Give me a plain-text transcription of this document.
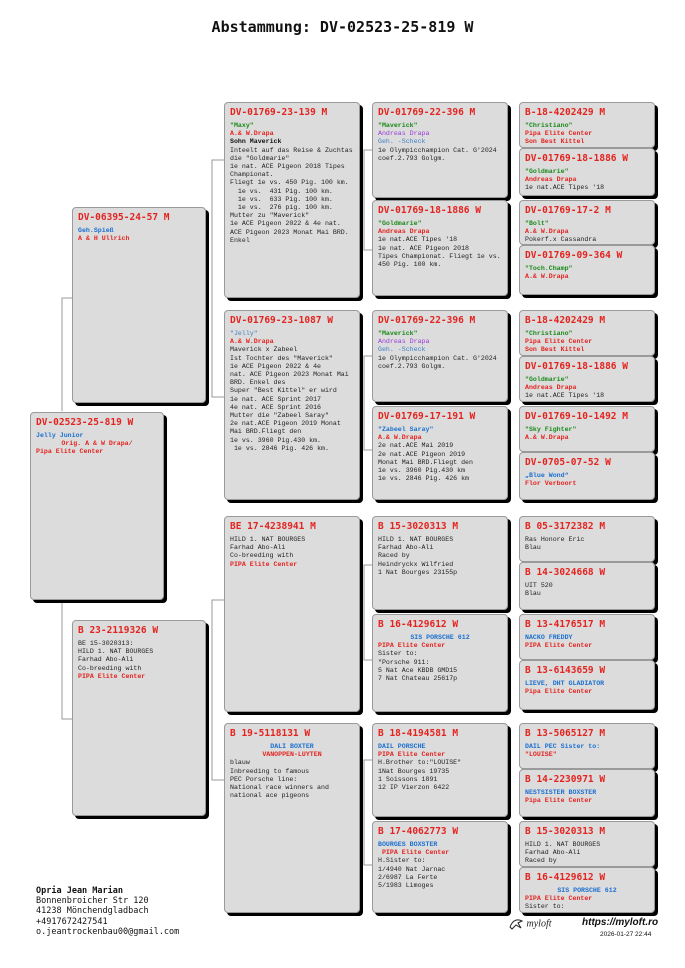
Abstammung: DV-02523-25-819 W
DV-02523-25-819 W
Jelly Junior
Orig. A & W Drapa/
Pipa Elite Center
DV-06395-24-57 M
Geh.Spieß
A & H Ullrich
B 23-2119326 W
BE 15-3020313:
HILD 1. NAT BOURGES
Farhad Abo-Ali
Co-breeding with
PIPA Elite Center
DV-01769-23-139 M
"Maxy"
A.& W.Drapa
Sohn Maverick
Inteelt auf das Reise & Zuchtas die "Goldmarie"
1e nat. ACE Pigeon 2018 Tipes Championat.
Fliegt 1e vs. 450 Pig. 100 km.
1e vs.  431 Pig. 100 km.
1e vs.  633 Pig. 100 km.
1e vs.  276 pig. 100 km.
Mutter zu "Maverick"
1e ACE Pigeon 2022 & 4e nat. ACE Pigeon 2023 Monat Mai BRD. Enkel
DV-01769-23-1087 W
"Jelly"
A.& W.Drapa
Maverick x Zabeel
Ist Tochter des "Maverick"
1e ACE Pigeon 2022 & 4e
nat. ACE Pigeon 2023 Monat Mai BRD. Enkel des
Super "Best Kittel" er wird
1e nat. ACE Sprint 2017
4e nat. ACE Sprint 2016
Mutter die "Zabeel Saray"
2e nat.ACE Pigeon 2019 Monat Mai BRD.Fliegt den
1e vs. 3960 Pig.430 km.
1e vs. 2846 Pig. 426 km.
BE 17-4238941 M
HILD 1. NAT BOURGES
Farhad Abo-Ali
Co-breeding with
PIPA Elite Center
B 19-5118131 W
DALI BOXTER
VANOPPEN-LUYTEN
blauw
Inbreeding to famous
PEC Porsche line:
National race winners and
national ace pigeons
DV-01769-22-396 M
"Maverick"
Andreas Drapa
Geh. -Scheck
1e Olympicchampion Cat. G'2024 coef.2.793 Golgm.
DV-01769-18-1886 W
"Goldmarie"
Andreas Drapa
1e nat.ACE Tipes '18
1e nat. ACE Pigeon 2018
Tipes Championat. Fliegt 1e vs. 450 Pig. 100 km.
DV-01769-22-396 M
"Maverick"
Andreas Drapa
Geh. -Scheck
1e Olympicchampion Cat. G'2024 coef.2.793 Golgm.
DV-01769-17-191 W
"Zabeel Saray"
A.& W.Drapa
2e nat.ACE Mai 2019
2e nat.ACE Pigeon 2019
Monat Mai BRD.Fliegt den
1e vs. 3960 Pig.430 km
1e vs. 2846 Pig. 426 km
B 15-3020313 M
HILD 1. NAT BOURGES
Farhad Abo-Ali
Raced by
Heindryckx Wilfried
1 Nat Bourges 23155p
B 16-4129612 W
SIS PORSCHE 612
PIPA Elite Center
Sister to:
"Porsche 911:
5 Nat Ace KBDB GMD15
7 Nat Chateau 25617p
B 18-4194581 M
DAIL PORSCHE
PIPA Elite Center
H.Brother to:"LOUISE"
1Nat Bourges 19735
1 Soissons 1891
12 IP Vierzon 6422
B 17-4062773 W
BOURGES BOXSTER
PIPA Elite Center
H.Sister to:
1/4940 Nat Jarnac
2/6987 La Ferte
5/1983 Limoges
B-18-4202429 M
"Christiano"
Pipa Elite Center
Son Best Kittel
DV-01769-18-1886 W
"Goldmarie"
Andreas Drapa
1e nat.ACE Tipes '18
DV-01769-17-2 M
"Bolt"
A.& W.Drapa
Pokerf.x Cassandra
DV-01769-09-364 W
"Toch.Champ"
A.& W.Drapa
B-18-4202429 M
"Christiano"
Pipa Elite Center
Son Best Kittel
DV-01769-18-1886 W
"Goldmarie"
Andreas Drapa
1e nat.ACE Tipes '18
DV-01769-10-1492 M
"Sky Fighter"
A.& W.Drapa
DV-0705-07-52 W
„Blue Wond“
Flor Verboort
B 05-3172382 M
Ras Honore Eric
Blau
B 14-3024668 W
UIT 520
Blau
B 13-4176517 M
NACKO FREDDY
PIPA Elite Center
B 13-6143659 W
LIEVE, DHT GLADIATOR
Pipa Elite Center
B 13-5065127 M
DAIL PEC Sister to:
"LOUISE"
B 14-2230971 W
NESTSISTER BOXSTER
Pipa Elite Center
B 15-3020313 M
HILD 1. NAT BOURGES
Farhad Abo-Ali
Raced by
B 16-4129612 W
SIS PORSCHE 612
PIPA Elite Center
Sister to:
Opria Jean Marian
Bonnenbroicher Str 120
41238 Mönchendgladbach
+4917672427541
o.jeantrockenbau00@gmail.com
myloft	https://myloft.ro
2026-01-27 22:44
